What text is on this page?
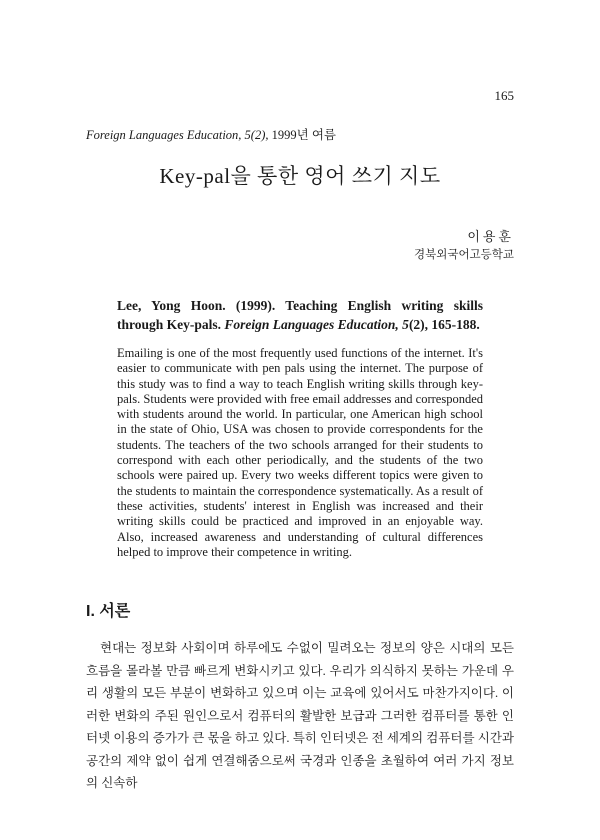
165
Foreign Languages Education, 5(2), 1999년 여름
Key-pal을 통한 영어 쓰기 지도
이용훈
경북외국어고등학교
Lee, Yong Hoon. (1999). Teaching English writing skills through Key-pals. Foreign Languages Education, 5(2), 165-188.

Emailing is one of the most frequently used functions of the internet. It's easier to communicate with pen pals using the internet. The purpose of this study was to find a way to teach English writing skills through key-pals. Students were provided with free email addresses and corresponded with students around the world. In particular, one American high school in the state of Ohio, USA was chosen to provide correspondents for the students. The teachers of the two schools arranged for their students to correspond with each other periodically, and the students of the two schools were paired up. Every two weeks different topics were given to the students to maintain the correspondence systematically. As a result of these activities, students' interest in English was increased and their writing skills could be practiced and improved in an enjoyable way. Also, increased awareness and understanding of cultural differences helped to improve their competence in writing.

I. 서론

현대는 정보화 사회이며 하루에도 수없이 밀려오는 정보의 양은 시대의 모든 흐름을 몰라볼 만큼 빠르게 변화시키고 있다. 우리가 의식하지 못하는 가운데 우리 생활의 모든 부분이 변화하고 있으며 이는 교육에 있어서도 마찬가지이다. 이러한 변화의 주된 원인으로서 컴퓨터의 활발한 보급과 그러한 컴퓨터를 통한 인터넷 이용의 증가가 큰 몫을 하고 있다. 특히 인터넷은 전 세계의 컴퓨터를 시간과 공간의 제약 없이 쉽게 연결해줌으로써 국경과 인종을 초월하여 여러 가지 정보의 신속하
